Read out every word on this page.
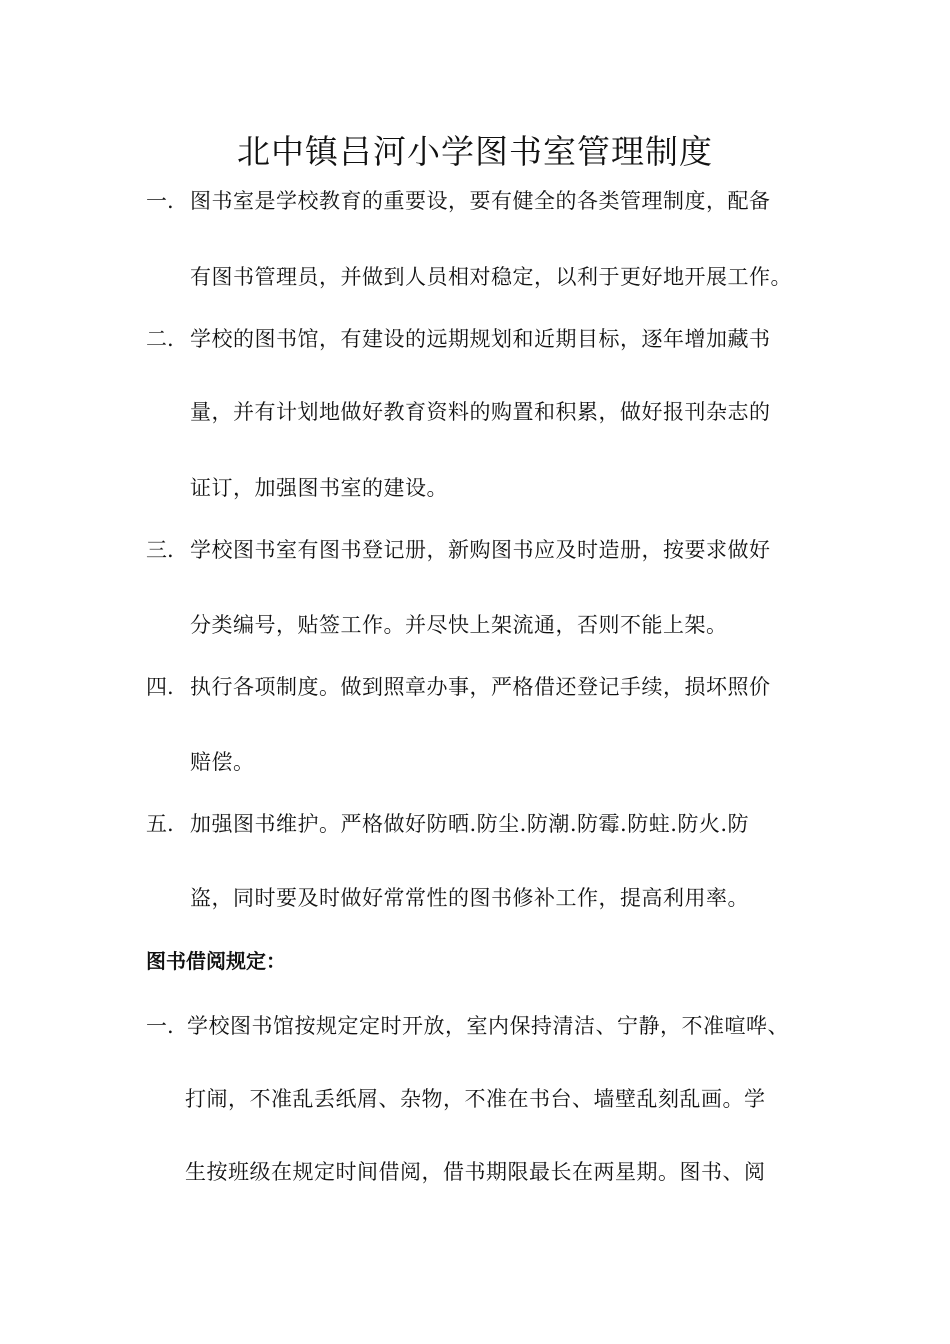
北中镇吕河小学图书室管理制度
一. 图书室是学校教育的重要设，要有健全的各类管理制度，配备
有图书管理员，并做到人员相对稳定，以利于更好地开展工作。
二. 学校的图书馆，有建设的远期规划和近期目标，逐年增加藏书
量，并有计划地做好教育资料的购置和积累，做好报刊杂志的
证订，加强图书室的建设。
三. 学校图书室有图书登记册，新购图书应及时造册，按要求做好
分类编号，贴签工作。并尽快上架流通，否则不能上架。
四. 执行各项制度。做到照章办事，严格借还登记手续，损坏照价
赔偿。
五. 加强图书维护。严格做好防晒.防尘.防潮.防霉.防蛀.防火.防
盗，同时要及时做好常常性的图书修补工作，提高利用率。
图书借阅规定：
一. 学校图书馆按规定定时开放，室内保持清洁、宁静，不准喧哗、
打闹，不准乱丢纸屑、杂物，不准在书台、墙壁乱刻乱画。学
生按班级在规定时间借阅，借书期限最长在两星期。图书、阅
